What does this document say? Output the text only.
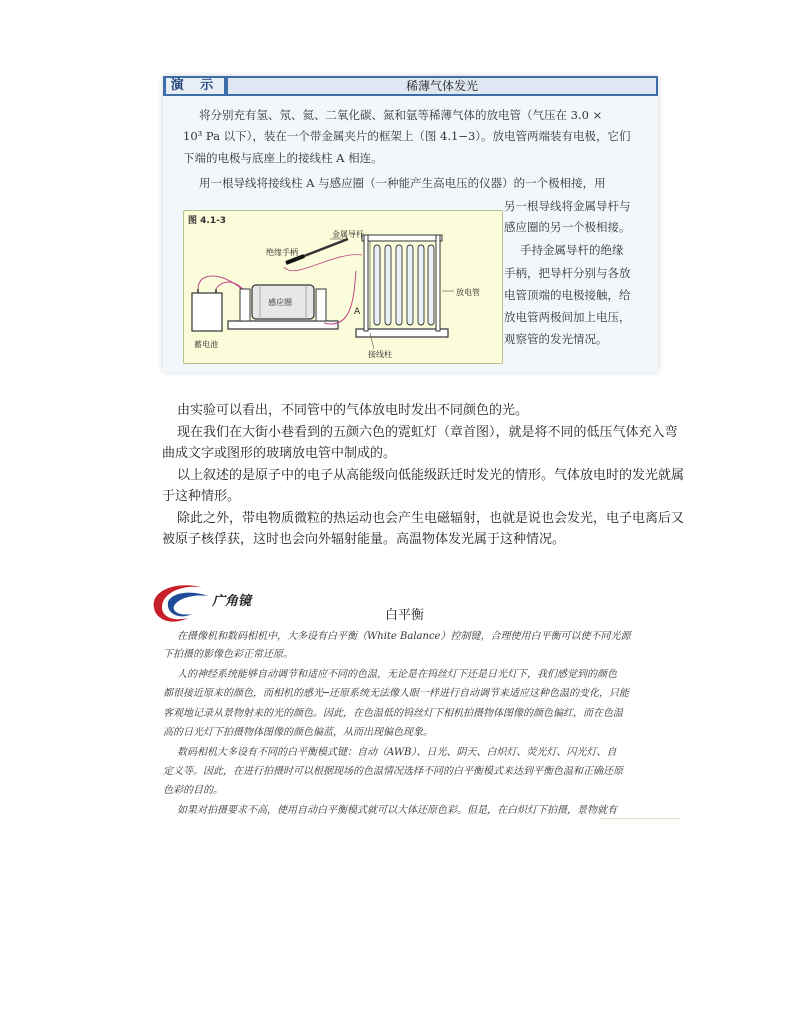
演 示	稀薄气体发光
将分别充有氢、氖、氦、二氧化碳、氮和氩等稀薄气体的放电管（气压在 3.0 ×
10³ Pa 以下），装在一个带金属夹片的框架上（图 4.1−3）。放电管两端装有电极，它们
下端的电极与底座上的接线柱 A 相连。
用一根导线将接线柱 A 与感应圈（一种能产生高电压的仪器）的一个极相接，用
另一根导线将金属导杆与
感应圈的另一个极相接。
手持金属导杆的绝缘
手柄，把导杆分别与各放
电管顶端的电极接触，给
放电管两极间加上电压，
观察管的发光情况。
图 4.1-3
金属导杆
绝缘手柄
感应圈
放电管
蓄电池
接线柱
A
由实验可以看出，不同管中的气体放电时发出不同颜色的光。
现在我们在大街小巷看到的五颜六色的霓虹灯（章首图），就是将不同的低压气体充入弯
曲成文字或图形的玻璃放电管中制成的。
以上叙述的是原子中的电子从高能级向低能级跃迁时发光的情形。气体放电时的发光就属
于这种情形。
除此之外，带电物质微粒的热运动也会产生电磁辐射，也就是说也会发光，电子电离后又
被原子核俘获，这时也会向外辐射能量。高温物体发光属于这种情况。
广角镜
白平衡
在摄像机和数码相机中，大多设有白平衡（White Balance）控制键，合理使用白平衡可以使不同光源
下拍摄的影像色彩正常还原。
人的神经系统能够自动调节和适应不同的色温，无论是在钨丝灯下还是日光灯下，我们感觉到的颜色
都很接近原来的颜色，而相机的感光─还原系统无法像人眼一样进行自动调节来适应这种色温的变化，只能
客观地记录从景物射来的光的颜色。因此，在色温低的钨丝灯下相机拍摄物体图像的颜色偏红，而在色温
高的日光灯下拍摄物体图像的颜色偏蓝，从而出现偏色现象。
数码相机大多设有不同的白平衡模式键：自动（AWB）、日光、阴天、白炽灯、荧光灯、闪光灯、自
定义等。因此，在进行拍摄时可以根据现场的色温情况选择不同的白平衡模式来达到平衡色温和正确还原
色彩的目的。
如果对拍摄要求不高，使用自动白平衡模式就可以大体还原色彩。但是，在白炽灯下拍摄，景物就有
